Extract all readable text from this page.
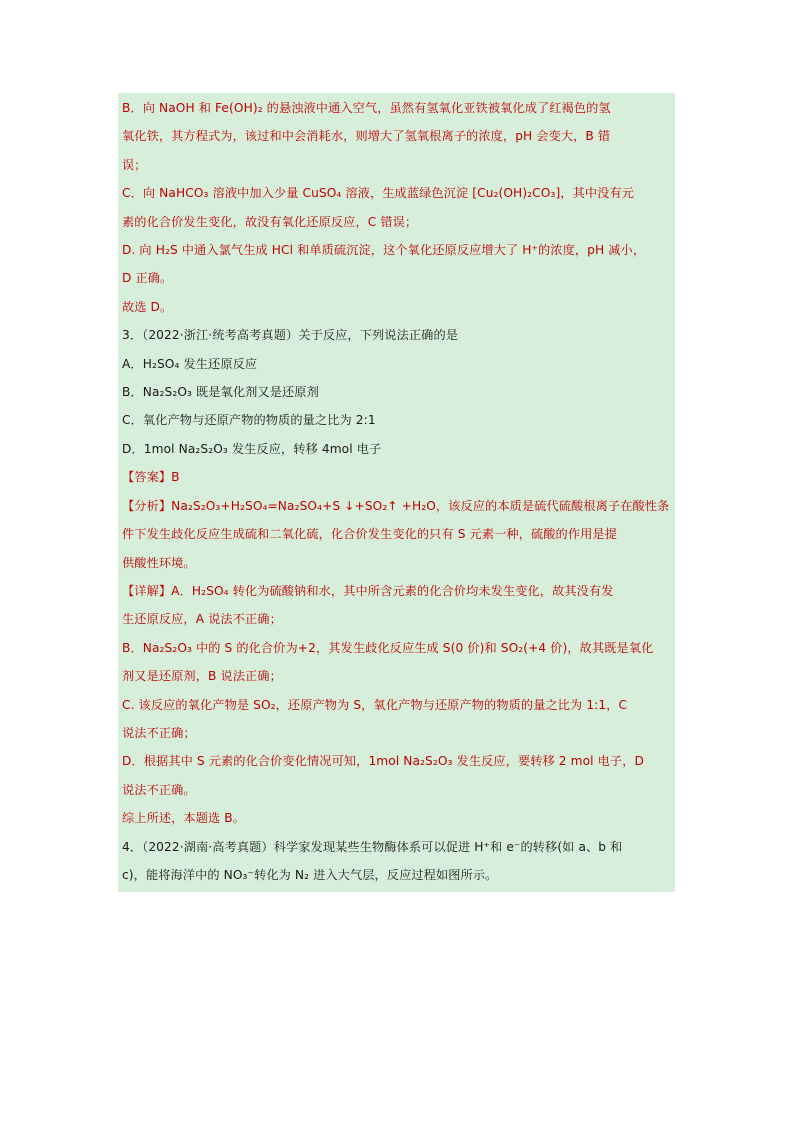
B．向 NaOH 和 Fe(OH)₂ 的悬浊液中通入空气，虽然有氢氧化亚铁被氧化成了红褐色的氢
氧化铁，其方程式为，该过和中会消耗水，则增大了氢氧根离子的浓度，pH 会变大，B 错
误；
C．向 NaHCO₃ 溶液中加入少量 CuSO₄ 溶液，生成蓝绿色沉淀 [Cu₂(OH)₂CO₃]，其中没有元
素的化合价发生变化，故没有氧化还原反应，C 错误；
D. 向 H₂S 中通入氯气生成 HCl 和单质硫沉淀，这个氧化还原反应增大了 H⁺的浓度，pH 减小，
D 正确。
故选 D。
3．（2022·浙江·统考高考真题）关于反应，下列说法正确的是
A．H₂SO₄ 发生还原反应
B．Na₂S₂O₃ 既是氧化剂又是还原剂
C．氧化产物与还原产物的物质的量之比为 2:1
D．1mol Na₂S₂O₃ 发生反应，转移 4mol 电子
【答案】B
【分析】Na₂S₂O₃+H₂SO₄=Na₂SO₄+S ↓+SO₂↑ +H₂O，该反应的本质是硫代硫酸根离子在酸性条
件下发生歧化反应生成硫和二氧化硫，化合价发生变化的只有 S 元素一种，硫酸的作用是提
供酸性环境。
【详解】A．H₂SO₄ 转化为硫酸钠和水，其中所含元素的化合价均未发生变化，故其没有发
生还原反应，A 说法不正确；
B．Na₂S₂O₃ 中的 S 的化合价为+2，其发生歧化反应生成 S(0 价)和 SO₂(+4 价)，故其既是氧化
剂又是还原剂，B 说法正确；
C. 该反应的氧化产物是 SO₂，还原产物为 S，氧化产物与还原产物的物质的量之比为 1:1，C
说法不正确；
D．根据其中 S 元素的化合价变化情况可知，1mol Na₂S₂O₃ 发生反应，要转移 2 mol 电子，D
说法不正确。
综上所述，本题选 B。
4．（2022·湖南·高考真题）科学家发现某些生物酶体系可以促进 H⁺和 e⁻的转移(如 a、b 和
c)，能将海洋中的 NO₃⁻转化为 N₂ 进入大气层，反应过程如图所示。
